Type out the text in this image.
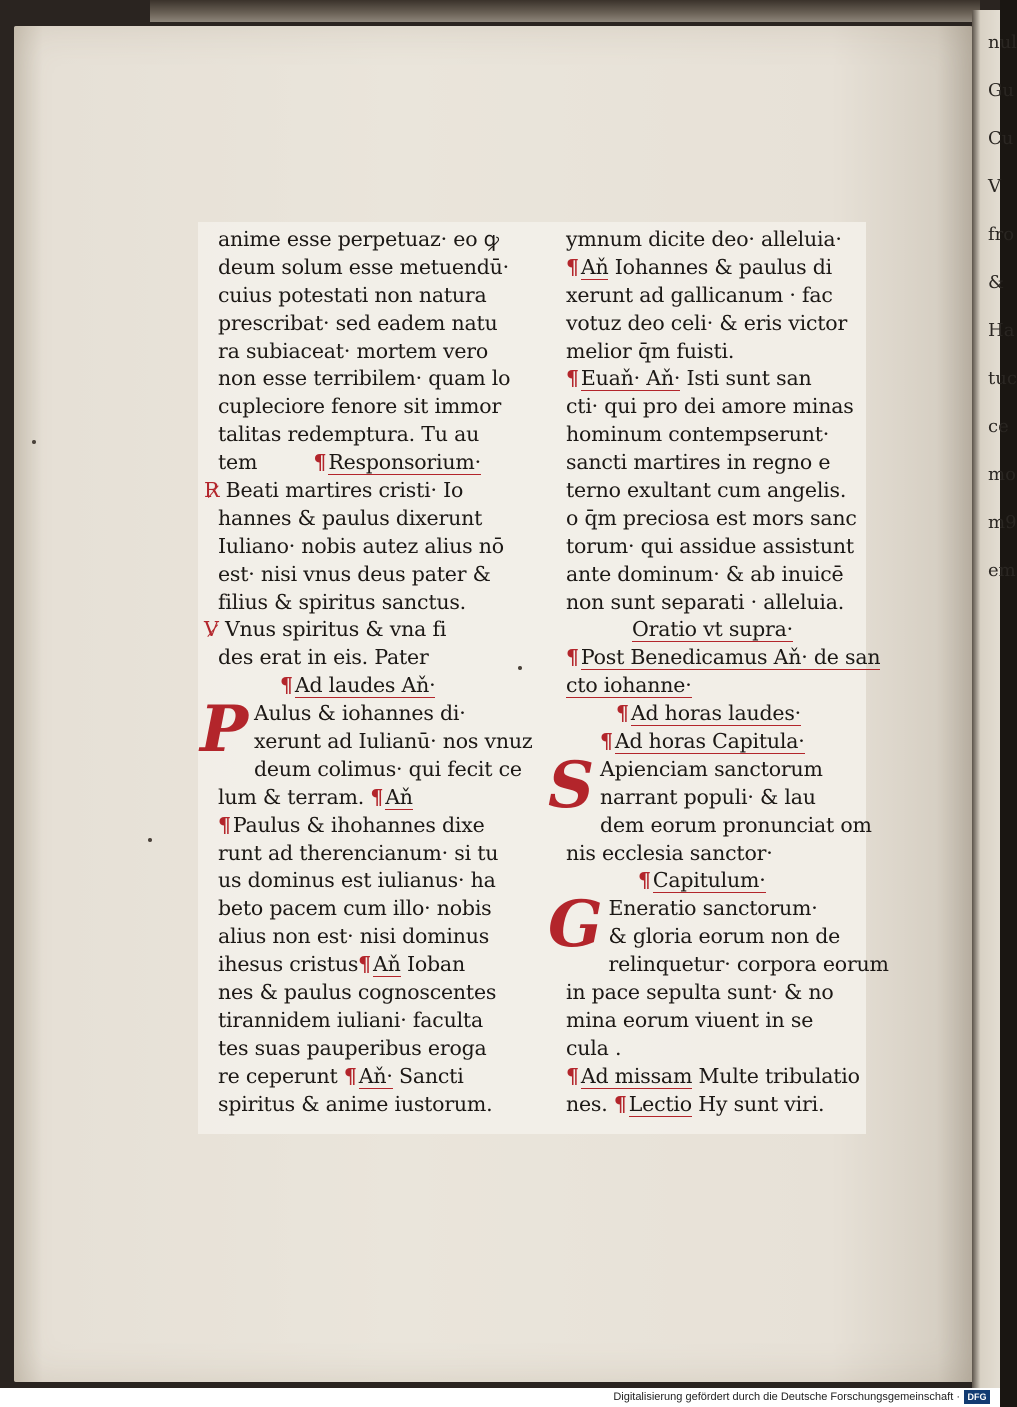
nul
Gu
Cu
V
fro
&
Ha
tuc
ce
mo
m9
em
anime esse perpetuaz· eo ꝙ
deum solum esse metuendū·
cuius potestati non natura
prescribat· sed eadem natu
ra subiaceat· mortem vero
non esse terribilem· quam lo
cupleciore fenore sit immor
talitas redemptura. Tu au
tem	¶Responsorium·
R̷ Beati martires cristi· Io
hannes & paulus dixerunt
Iuliano· nobis autez alius nō
est· nisi vnus deus pater &
filius & spiritus sanctus.
V̷ Vnus spiritus & vna fi
des erat in eis. Pater
¶Ad laudes Aň·
P Aulus & iohannes di·
xerunt ad Iulianū· nos vnuz
deum colimus· qui fecit ce
lum & terram. ¶Aň
¶Paulus & ihohannes dixe
runt ad therencianum· si tu
us dominus est iulianus· ha
beto pacem cum illo· nobis
alius non est· nisi dominus
ihesus cristus¶Aň Ioban
nes & paulus cognoscentes
tirannidem iuliani· faculta
tes suas pauperibus eroga
re ceperunt ¶Aň· Sancti
spiritus & anime iustorum.
ymnum dicite deo· alleluia·
¶Aň Iohannes & paulus di
xerunt ad gallicanum · fac
votuz deo celi· & eris victor
melior q̄m fuisti.
¶Euaň· Aň· Isti sunt san
cti· qui pro dei amore minas
hominum contempserunt·
sancti martires in regno e
terno exultant cum angelis.
o q̄m preciosa est mors sanc
torum· qui assidue assistunt
ante dominum· & ab inuicē
non sunt separati · alleluia.
Oratio vt supra·
¶Post Benedicamus Aň· de san
cto iohanne·
¶Ad horas laudes·
¶Ad horas Capitula·
S Apienciam sanctorum
narrant populi· & lau
dem eorum pronunciat om
nis ecclesia sanctor·
¶Capitulum·
G Eneratio sanctorum·
& gloria eorum non de
relinquetur· corpora eorum
in pace sepulta sunt· & no
mina eorum viuent in se
cula .
¶Ad missam Multe tribulatio
nes. ¶Lectio Hy sunt viri.
Digitalisierung gefördert durch die Deutsche Forschungsgemeinschaft · DFG
